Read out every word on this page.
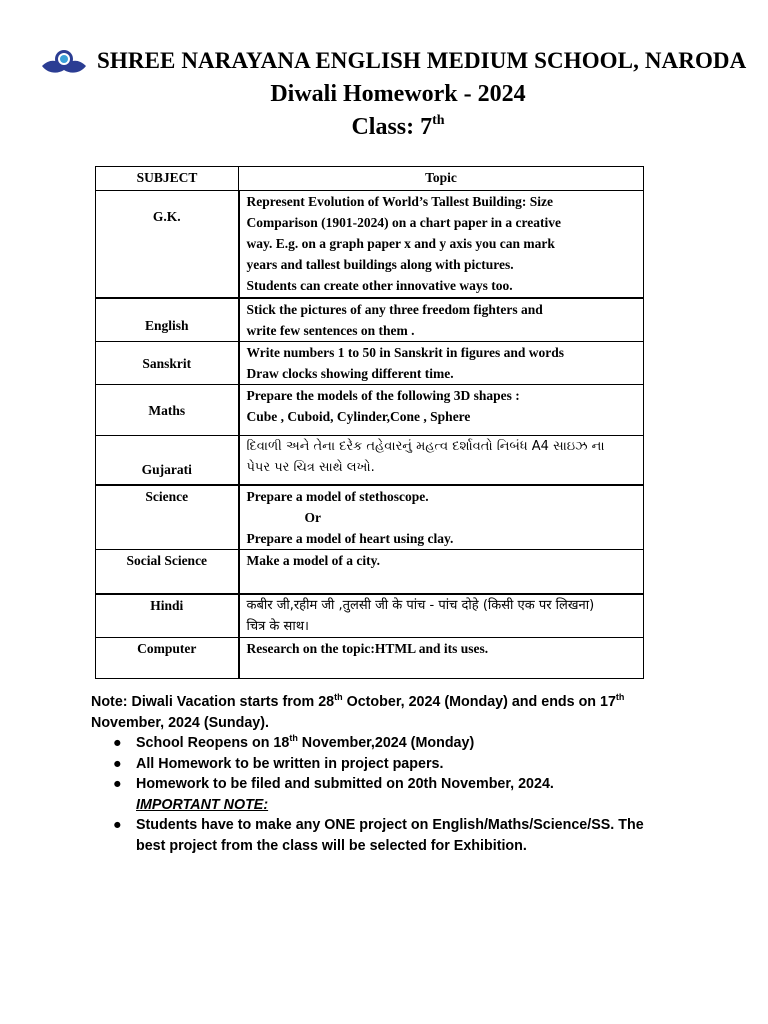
SHREE NARAYANA ENGLISH MEDIUM SCHOOL, NARODA
Diwali Homework - 2024
Class: 7th
SUBJECT	Topic
G.K.	Represent Evolution of World’s Tallest Building: Size
Comparison (1901-2024) on a chart paper in a creative
way. E.g. on a graph paper x and y axis you can mark
years and tallest buildings along with pictures.
Students can create other innovative ways too.

English	Stick the pictures of any three freedom fighters and
write few sentences on them .

Sanskrit	Write numbers 1 to 50 in Sanskrit in figures and words
Draw clocks showing different time.

Maths	Prepare the models of the following 3D shapes :
Cube , Cuboid, Cylinder,Cone , Sphere

Gujarati	દિવાળી અને તેના દરેક તહેવારનું મહત્વ દર્શાવતો નિબંધ A4 સાઇઝ ના
પેપર પર ચિત્ર સાથે લખો.

Science	Prepare a model of stethoscope.
Or
Prepare a model of heart using clay.

Social Science	Make a model of a city.

Hindi	कबीर जी,रहीम जी ,तुलसी जी के पांच - पांच दोहे (किसी एक पर लिखना)
चित्र के साथ।

Computer	Research on the topic:HTML and its uses.
Note: Diwali Vacation starts from 28th October, 2024 (Monday) and ends on 17th
November, 2024 (Sunday).
● School Reopens on 18th November,2024 (Monday)
● All Homework to be written in project papers.
● Homework to be filed and submitted on 20th November, 2024.
IMPORTANT NOTE:
● Students have to make any ONE project on English/Maths/Science/SS. The
best project from the class will be selected for Exhibition.
